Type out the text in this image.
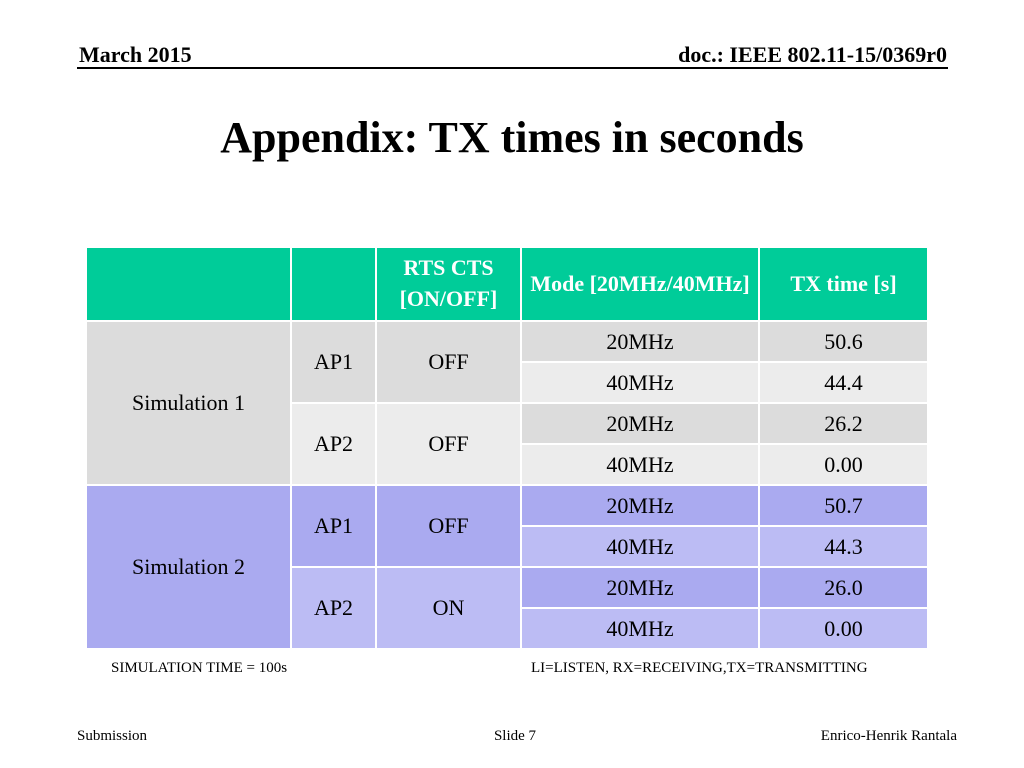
March 2015	doc.: IEEE 802.11-15/0369r0
Appendix: TX times in seconds
		RTS CTS [ON/OFF]	Mode [20MHz/40MHz]	TX time [s]
Simulation 1	AP1	OFF	20MHz	50.6
			40MHz	44.4
	AP2	OFF	20MHz	26.2
			40MHz	0.00
Simulation 2	AP1	OFF	20MHz	50.7
			40MHz	44.3
	AP2	ON	20MHz	26.0
			40MHz	0.00
SIMULATION TIME = 100s	LI=LISTEN, RX=RECEIVING,TX=TRANSMITTING
Submission	Slide 7	Enrico-Henrik Rantala
